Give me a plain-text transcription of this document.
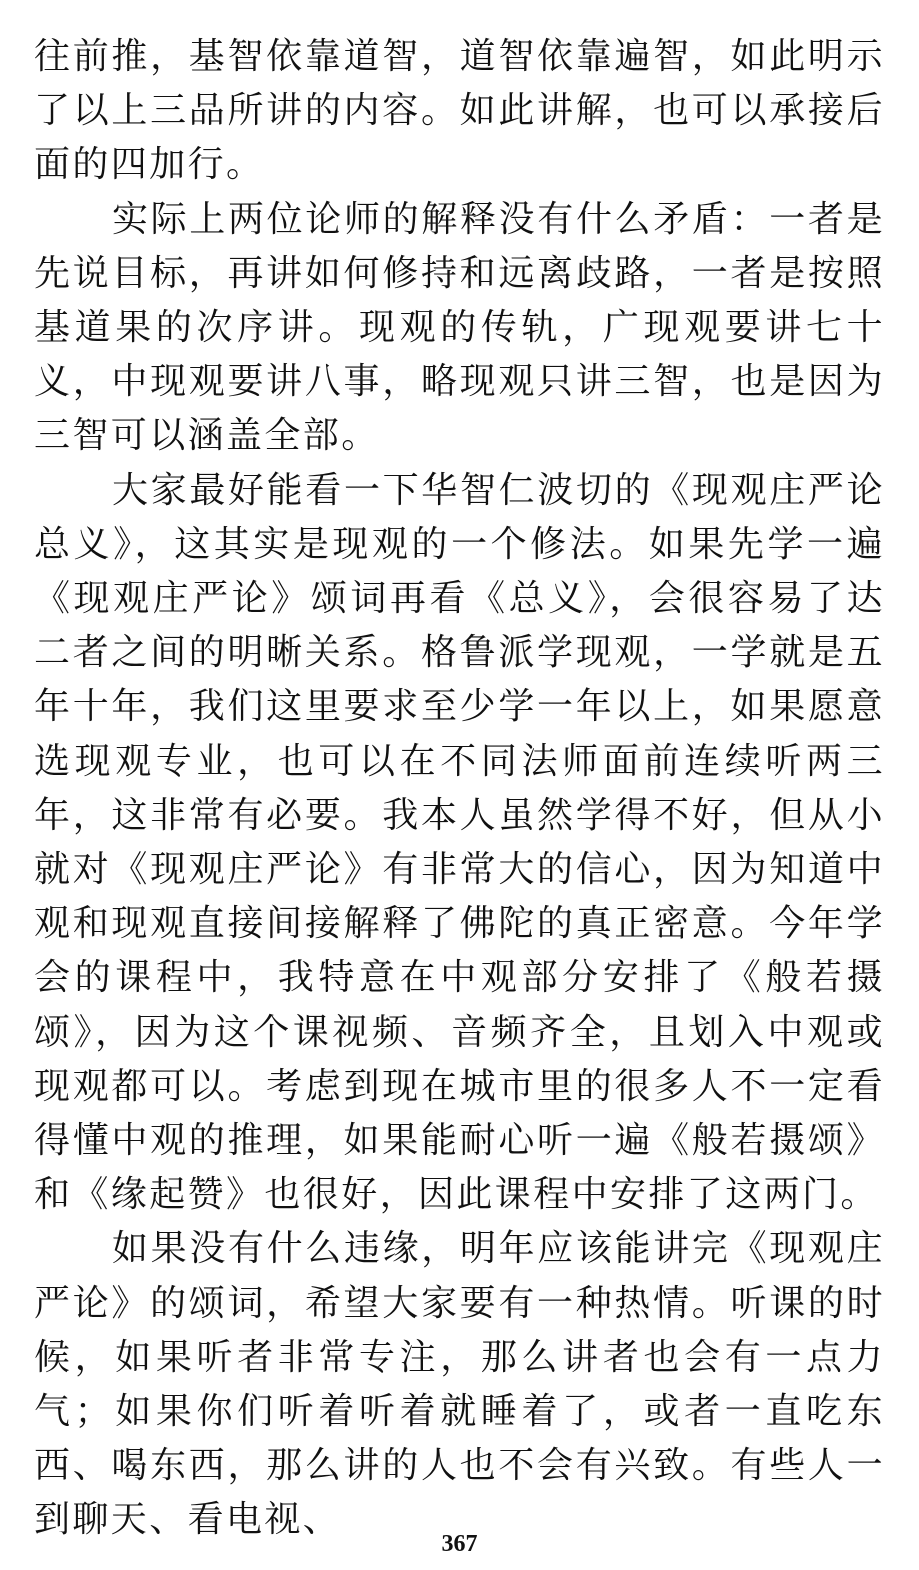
往前推，基智依靠道智，道智依靠遍智，如此明示了以上三品所讲的内容。如此讲解，也可以承接后面的四加行。

实际上两位论师的解释没有什么矛盾：一者是先说目标，再讲如何修持和远离歧路，一者是按照基道果的次序讲。现观的传轨，广现观要讲七十义，中现观要讲八事，略现观只讲三智，也是因为三智可以涵盖全部。

大家最好能看一下华智仁波切的《现观庄严论总义》，这其实是现观的一个修法。如果先学一遍《现观庄严论》颂词再看《总义》，会很容易了达二者之间的明晰关系。格鲁派学现观，一学就是五年十年，我们这里要求至少学一年以上，如果愿意选现观专业，也可以在不同法师面前连续听两三年，这非常有必要。我本人虽然学得不好，但从小就对《现观庄严论》有非常大的信心，因为知道中观和现观直接间接解释了佛陀的真正密意。今年学会的课程中，我特意在中观部分安排了《般若摄颂》，因为这个课视频、音频齐全，且划入中观或现观都可以。考虑到现在城市里的很多人不一定看得懂中观的推理，如果能耐心听一遍《般若摄颂》和《缘起赞》也很好，因此课程中安排了这两门。

如果没有什么违缘，明年应该能讲完《现观庄严论》的颂词，希望大家要有一种热情。听课的时候，如果听者非常专注，那么讲者也会有一点力气；如果你们听着听着就睡着了，或者一直吃东西、喝东西，那么讲的人也不会有兴致。有些人一到聊天、看电视、

367
